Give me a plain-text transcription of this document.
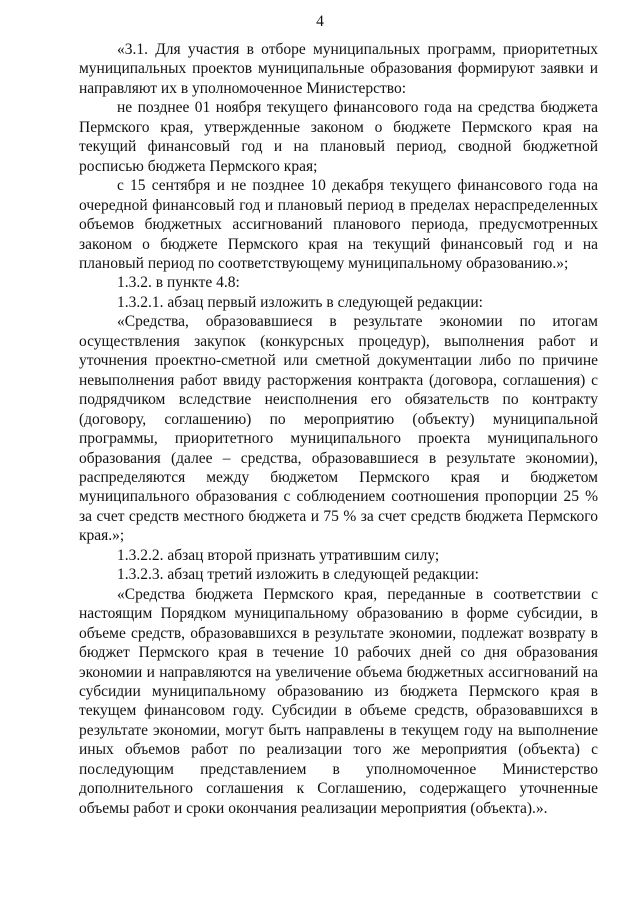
4

«3.1. Для участия в отборе муниципальных программ, приоритетных муниципальных проектов муниципальные образования формируют заявки и направляют их в уполномоченное Министерство:

не позднее 01 ноября текущего финансового года на средства бюджета Пермского края, утвержденные законом о бюджете Пермского края на текущий финансовый год и на плановый период, сводной бюджетной росписью бюджета Пермского края;

с 15 сентября и не позднее 10 декабря текущего финансового года на очередной финансовый год и плановый период в пределах нераспределенных объемов бюджетных ассигнований планового периода, предусмотренных законом о бюджете Пермского края на текущий финансовый год и на плановый период по соответствующему муниципальному образованию.»;

1.3.2. в пункте 4.8:

1.3.2.1. абзац первый изложить в следующей редакции:

«Средства, образовавшиеся в результате экономии по итогам осуществления закупок (конкурсных процедур), выполнения работ и уточнения проектно-сметной или сметной документации либо по причине невыполнения работ ввиду расторжения контракта (договора, соглашения) с подрядчиком вследствие неисполнения его обязательств по контракту (договору, соглашению) по мероприятию (объекту) муниципальной программы, приоритетного муниципального проекта муниципального образования (далее – средства, образовавшиеся в результате экономии), распределяются между бюджетом Пермского края и бюджетом муниципального образования с соблюдением соотношения пропорции 25 % за счет средств местного бюджета и 75 % за счет средств бюджета Пермского края.»;

1.3.2.2. абзац второй признать утратившим силу;

1.3.2.3. абзац третий изложить в следующей редакции:

«Средства бюджета Пермского края, переданные в соответствии с настоящим Порядком муниципальному образованию в форме субсидии, в объеме средств, образовавшихся в результате экономии, подлежат возврату в бюджет Пермского края в течение 10 рабочих дней со дня образования экономии и направляются на увеличение объема бюджетных ассигнований на субсидии муниципальному образованию из бюджета Пермского края в текущем финансовом году. Субсидии в объеме средств, образовавшихся в результате экономии, могут быть направлены в текущем году на выполнение иных объемов работ по реализации того же мероприятия (объекта) с последующим представлением в уполномоченное Министерство дополнительного соглашения к Соглашению, содержащего уточненные объемы работ и сроки окончания реализации мероприятия (объекта).».
